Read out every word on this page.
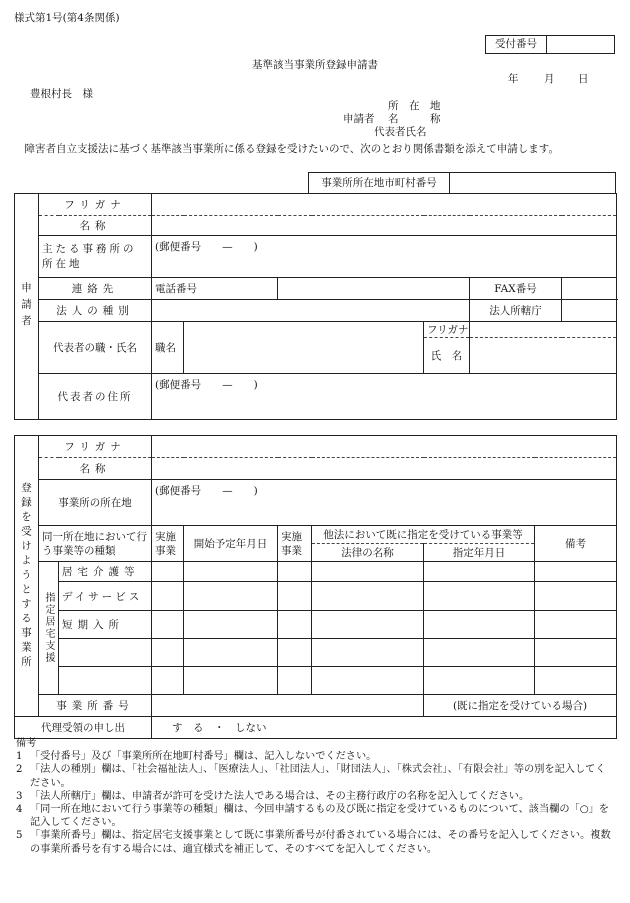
様式第1号(第4条関係)
受付番号
基準該当事業所登録申請書
年 月 日
豊根村長　様
所　在　地
申請者 名　　　称
代表者氏名
障害者自立支援法に基づく基準該当事業所に係る登録を受けたいので、次のとおり関係書類を添えて申請します。
事業所所在地市町村番号
申請者	フリガナ						
	名称						
	主たる事務所の所在地	(郵便番号　　—　　)					
	連絡先	電話番号				FAX番号	
	法人の種別					法人所轄庁	
	代表者の職・氏名	職名			フリガナ		
					氏　名		
	代表者の住所	(郵便番号　　—　　)					
登録を受けようとする事業所	フリガナ							
	名称							
	事業所の所在地		(郵便番号　　—　　)					
	同一所在地において行う事業等の種類		実施事業	開始予定年月日	実施事業	他法において既に指定を受けている事業等		備考
						法律の名称	指定年月日	
	指定居宅支援	居宅介護等						
		デイサービス						
		短期入所						

	事業所番号						(既に指定を受けている場合)	
代理受領の申し出			す　る　・　しない					
備考
1 「受付番号」及び「事業所所在地町村番号」欄は、記入しないでください。
2 「法人の種別」欄は、「社会福祉法人」、「医療法人」、「社団法人」、「財団法人」、「株式会社」、「有限会社」等の別を記入してください。
3 「法人所轄庁」欄は、申請者が許可を受けた法人である場合は、その主務行政庁の名称を記入してください。
4 「同一所在地において行う事業等の種類」欄は、今回申請するもの及び既に指定を受けているものについて、該当欄の「○」を記入してください。
5 「事業所番号」欄は、指定居宅支援事業として既に事業所番号が付番されている場合には、その番号を記入してください。複数の事業所番号を有する場合には、適宜様式を補正して、そのすべてを記入してください。
